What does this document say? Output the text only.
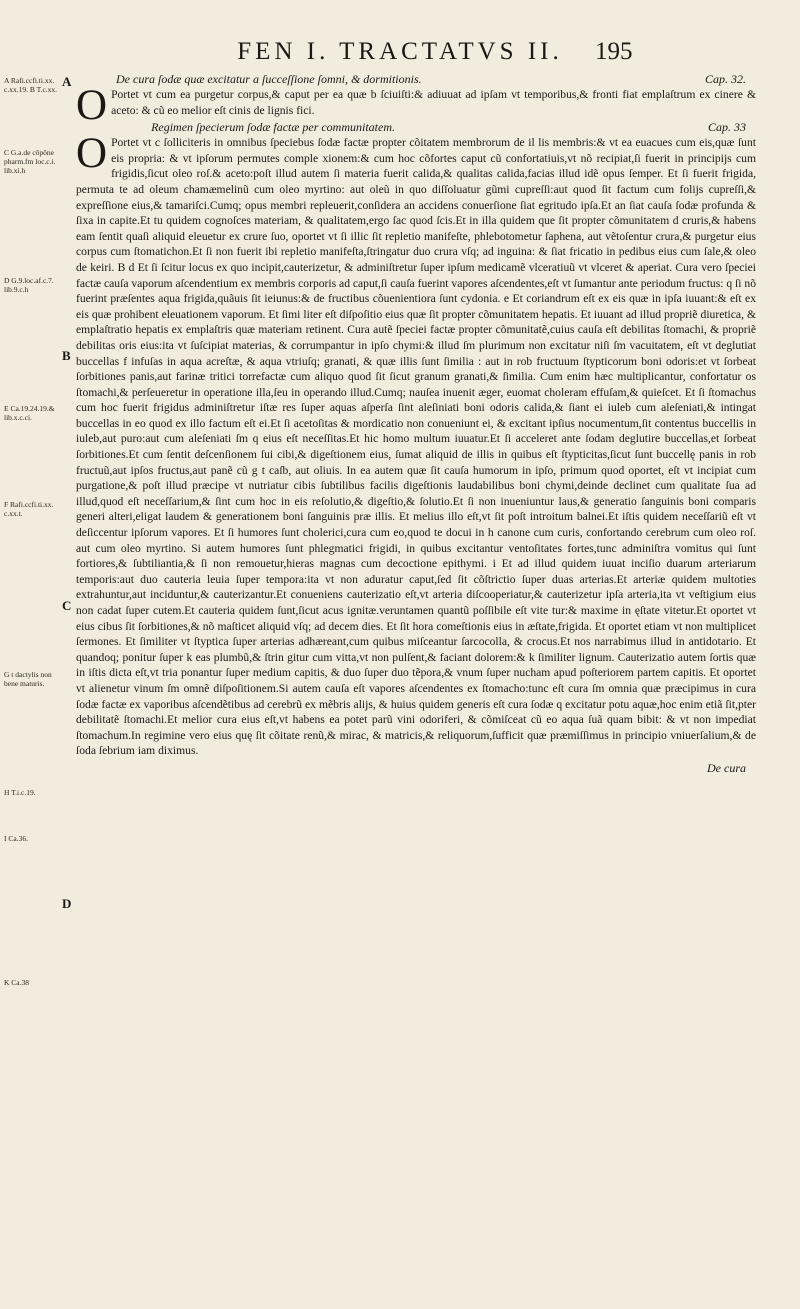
FEN I. TRACTATVS II.	195
A Rafi.ccfi.ti.xx. c.xx.19. B T.c.xx.
C G.a.de cõpõne pharm.fm loc.c.i. lib.xi.h
D G.9.loc.af.c.7. lib.9.c.h
E Ca.19.24.19.& lib.x.c.ci.
F Rafi.ccfi.ti.xx. c.xx.t.
G t dactylis non bene maturis.
H T.i.c.19.
I Ca.36.
K Ca.38
A
B
C
D
De cura ſodæ quæ excitatur a ſucceſſione ſomni, & dormitionis.	Cap. 32.

O Portet vt cum ea purgetur corpus,& caput per ea quæ b ſciuiſti:& adiuuat ad ipſam vt temporibus,& fronti fiat emplaſtrum ex cinere & aceto: & cũ eo melior eſt cinis de lignis fici.

Regimen ſpecierum ſodæ factæ per communitatem.	Cap. 33

O Portet vt c ſolliciteris in omnibus ſpeciebus ſodæ factæ propter cõitatem membrorum de il lis membris:& vt ea euacues cum eis,quæ ſunt eis propria: & vt ipſorum permutes comple xionem:& cum hoc cõfortes caput cũ confortatiuis,vt nõ recipiat,ſi fuerit in principijs cum frigidis,ſicut oleo roſ.& aceto:poſt illud autem ſi materia fuerit calida,& qualitas calida,facias illud idẽ opus ſemper. Et ſi fuerit frigida, permuta te ad oleum chamæmelinũ cum oleo myrtino: aut oleũ in quo diſſoluatur gũmi cupreſſi:aut quod ſit factum cum folijs cupreſſi,& expreſſione eius,& tamariſci.Cumq; opus membri repleuerit,conſidera an accidens conuerſione ſiat egritudo ipſa.Et an ſiat cauſa ſodæ profunda & ſixa in capite.Et tu quidem cognoſces materiam, & qualitatem,ergo ſac quod ſcis.Et in illa quidem que ſit propter cõmunitatem d cruris,& habens eam ſentit quaſi aliquid eleuetur ex crure ſuo, oportet vt ſi illic ſit repletio manifeſte, phlebotometur ſaphena, aut vẽtoſentur crura,& purgetur eius corpus cum ſtomatichon.Et ſi non fuerit ibi repletio manifeſta,ſtringatur duo crura vſq; ad inguina: & ſiat fricatio in pedibus eius cum ſale,& oleo de keiri. B d Et ſi ſcitur locus ex quo incipit,cauterizetur, & adminiſtretur ſuper ipſum medicamẽ vlceratiuũ vt vlceret & aperiat. Cura vero ſpeciei factæ cauſa vaporum aſcendentium ex membris corporis ad caput,ſi cauſa fuerint vapores aſcendentes,eſt vt ſumantur ante periodum fructus: q ſi nõ fuerint præſentes aqua frigida,quãuis ſit ieiunus:& de fructibus cõuenientiora ſunt cydonia. e Et coriandrum eſt ex eis quæ in ipſa iuuant:& eſt ex eis quæ prohibent eleuationem vaporum. Et ſimi liter eſt diſpoſitio eius quæ ſit propter cõmunitatem hepatis. Et iuuant ad illud propriẽ diuretica, & emplaſtratio hepatis ex emplaſtris quæ materiam retinent. Cura autẽ ſpeciei factæ propter cõmunitatẽ,cuius cauſa eſt debilitas ſtomachi, & propriẽ debilitas oris eius:ita vt ſuſcipiat materias, & corrumpantur in ipſo chymi:& illud ſm plurimum non excitatur niſi ſm vacuitatem, eſt vt deglutiat buccellas f infuſas in aqua acreſtæ, & aqua vtriuſq; granati, & quæ illis ſunt ſimilia : aut in rob fructuum ſtypticorum boni odoris:et vt ſorbeat ſorbitiones panis,aut farinæ tritici torrefactæ cum aliquo quod ſit ſicut granum granati,& ſimilia. Cum enim hæc multiplicantur, confortatur os ſtomachi,& perſeueretur in operatione illa,ſeu in operando illud.Cumq; nauſea inuenit æger, euomat choleram effuſam,& quieſcet. Et ſi ſtomachus cum hoc fuerit frigidus adminiſtretur iſtæ res ſuper aquas aſperſa ſint aleſiniati boni odoris calida,& ſiant ei iuleb cum aleſeniati,& intingat buccellas in eo quod ex illo factum eſt ei.Et ſi acetoſitas & mordicatio non conueniunt ei, & excitant ipſius nocumentum,ſit contentus buccellis in iuleb,aut puro:aut cum aleſeniati ſm q eius eſt neceſſitas.Et hic homo multum iuuatur.Et ſi acceleret ante ſodam deglutire buccellas,et ſorbeat ſorbitiones.Et cum ſentit deſcenſionem ſui cibi,& digeſtionem eius, ſumat aliquid de illis in quibus eſt ſtypticitas,ſicut ſunt buccellę panis in rob fructuũ,aut ipſos fructus,aut panẽ cũ g t caſb, aut oliuis. In ea autem quæ ſit cauſa humorum in ipſo, primum quod oportet, eſt vt incipiat cum purgatione,& poſt illud præcipe vt nutriatur cibis ſubtilibus facilis digeſtionis laudabilibus boni chymi,deinde declinet cum qualitate ſua ad illud,quod eſt neceſſarium,& ſint cum hoc in eis reſolutio,& digeſtio,& ſolutio.Et ſi non inueniuntur laus,& generatio ſanguinis boni comparis generi alteri,eligat laudem & generationem boni ſanguinis præ illis. Et melius illo eſt,vt ſit poſt introitum balnei.Et iſtis quidem neceſſariũ eſt vt deſiccentur ipſorum vapores. Et ſi humores ſunt cholerici,cura cum eo,quod te docui in h canone cum curis, confortando cerebrum cum oleo roſ. aut cum oleo myrtino. Si autem humores ſunt phlegmatici frigidi, in quibus excitantur ventoſitates fortes,tunc adminiſtra vomitus qui ſunt fortiores,& ſubtiliantia,& ſi non remouetur,hieras magnas cum decoctione epithymi. i Et ad illud quidem iuuat inciſio duarum arteriarum temporis:aut duo cauteria leuia ſuper tempora:ita vt non aduratur caput,ſed ſit cõſtrictio ſuper duas arterias.Et arteriæ quidem multoties extrahuntur,aut inciduntur,& cauterizantur.Et conueniens cauterizatio eſt,vt arteria diſcooperiatur,& cauterizetur ipſa arteria,ita vt veſtigium eius non cadat ſuper cutem.Et cauteria quidem ſunt,ſicut acus ignitæ.veruntamen quantũ poſſibile eſt vite tur:& maxime in ęſtate vitetur.Et oportet vt eius cibus ſit ſorbitiones,& nõ maſticet aliquid vſq; ad decem dies. Et ſit hora comeſtionis eius in æſtate,frigida. Et oportet etiam vt non multiplicet ſermones. Et ſimiliter vt ſtyptica ſuper arterias adhæreant,cum quibus miſceantur ſarcocolla, & crocus.Et nos narrabimus illud in antidotario. Et quandoq; ponitur ſuper k eas plumbũ,& ſtrin gitur cum vitta,vt non pulſent,& faciant dolorem:& k ſimiliter lignum. Cauterizatio autem ſortis quæ in iſtis dicta eſt,vt tria ponantur ſuper medium capitis, & duo ſuper duo tẽpora,& vnum ſuper nucham apud poſteriorem partem capitis. Et oportet vt alienetur vinum ſm omnẽ diſpoſitionem.Si autem cauſa eſt vapores aſcendentes ex ſtomacho:tunc eſt cura ſm omnia quæ præcipimus in cura ſodæ factæ ex vaporibus aſcendẽtibus ad cerebrũ ex mẽbris alijs, & huius quidem generis eſt cura ſodæ q excitatur potu aquæ,hoc enim etiã ſit,pter debilitatẽ ſtomachi.Et melior cura eius eſt,vt habens ea potet parũ vini odoriferi, & cõmiſceat cũ eo aqua ſuã quam bibit: & vt non impediat ſtomachum.In regimine vero eius quę ſit cõitate renũ,& mirac, & matricis,& reliquorum,ſufficit quæ præmiſſimus in principio vniuerſalium,& de ſoda ſebrium iam diximus.

De cura
